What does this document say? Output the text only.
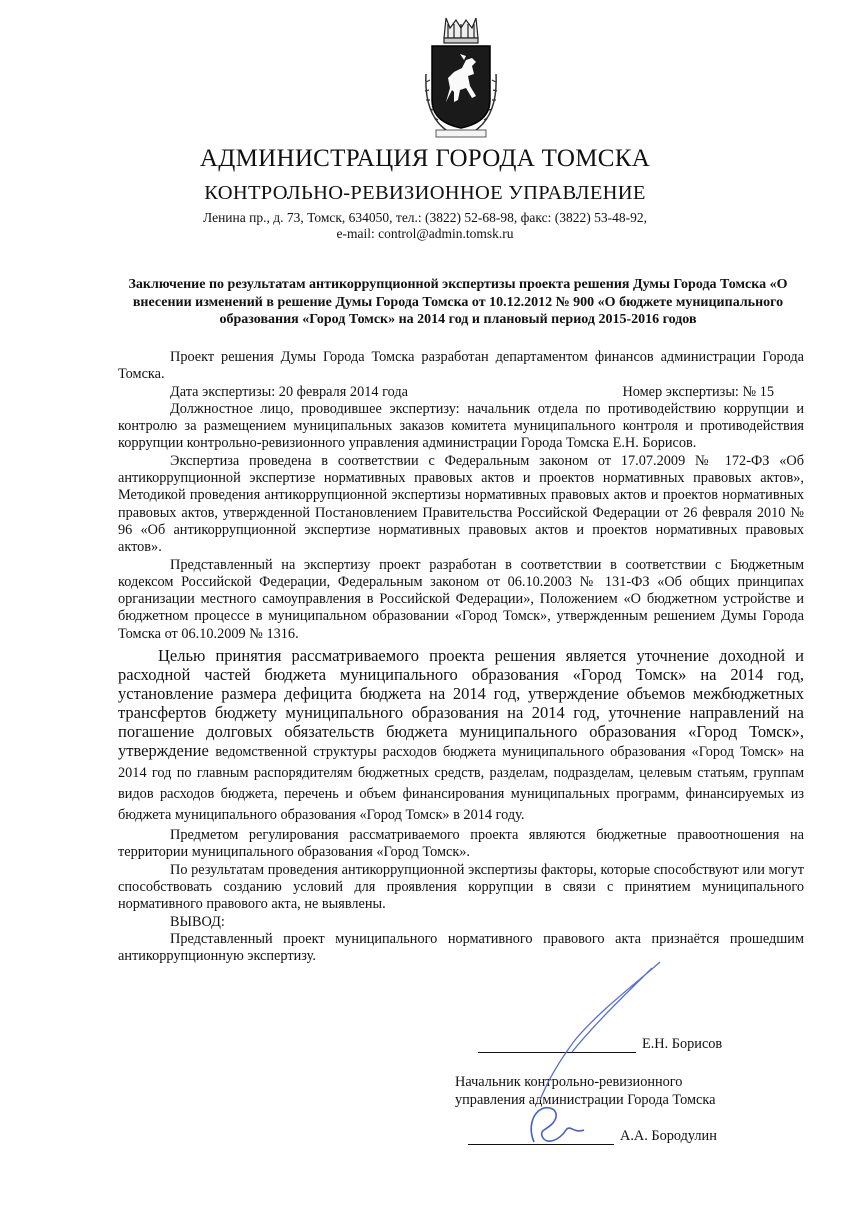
АДМИНИСТРАЦИЯ ГОРОДА ТОМСКА
КОНТРОЛЬНО-РЕВИЗИОННОЕ УПРАВЛЕНИЕ
Ленина пр., д. 73, Томск, 634050, тел.: (3822) 52-68-98, факс: (3822) 53-48-92,
e-mail: control@admin.tomsk.ru
Заключение по результатам антикоррупционной экспертизы проекта решения Думы Города Томска «О внесении изменений в решение Думы Города Томска от 10.12.2012 № 900 «О бюджете муниципального образования «Город Томск» на 2014 год и плановый период 2015-2016 годов

Проект решения Думы Города Томска разработан департаментом финансов администрации Города Томска.

Дата экспертизы: 20 февраля 2014 года	Номер экспертизы: № 15

Должностное лицо, проводившее экспертизу: начальник отдела по противодействию коррупции и контролю за размещением муниципальных заказов комитета муниципального контроля и противодействия коррупции контрольно-ревизионного управления администрации Города Томска Е.Н. Борисов.

Экспертиза проведена в соответствии с Федеральным законом от 17.07.2009 № 172-ФЗ «Об антикоррупционной экспертизе нормативных правовых актов и проектов нормативных правовых актов», Методикой проведения антикоррупционной экспертизы нормативных правовых актов и проектов нормативных правовых актов, утвержденной Постановлением Правительства Российской Федерации от 26 февраля 2010 № 96 «Об антикоррупционной экспертизе нормативных правовых актов и проектов нормативных правовых актов».

Представленный на экспертизу проект разработан в соответствии в соответствии с Бюджетным кодексом Российской Федерации, Федеральным законом от 06.10.2003 № 131-ФЗ «Об общих принципах организации местного самоуправления в Российской Федерации», Положением «О бюджетном устройстве и бюджетном процессе в муниципальном образовании «Город Томск», утвержденным решением Думы Города Томска от 06.10.2009 № 1316.

Целью принятия рассматриваемого проекта решения является уточнение доходной и расходной частей бюджета муниципального образования «Город Томск» на 2014 год, установление размера дефицита бюджета на 2014 год, утверждение объемов межбюджетных трансфертов бюджету муниципального образования на 2014 год, уточнение направлений на погашение долговых обязательств бюджета муниципального образования «Город Томск», утверждение ведомственной структуры расходов бюджета муниципального образования «Город Томск» на 2014 год по главным распорядителям бюджетных средств, разделам, подразделам, целевым статьям, группам видов расходов бюджета, перечень и объем финансирования муниципальных программ, финансируемых из бюджета муниципального образования «Город Томск» в 2014 году.

Предметом регулирования рассматриваемого проекта являются бюджетные правоотношения на территории муниципального образования «Город Томск».

По результатам проведения антикоррупционной экспертизы факторы, которые способствуют или могут способствовать созданию условий для проявления коррупции в связи с принятием муниципального нормативного правового акта, не выявлены.

ВЫВОД:

Представленный проект муниципального нормативного правового акта признаётся прошедшим антикоррупционную экспертизу.

Е.Н. Борисов
Начальник контрольно-ревизионного
управления администрации Города Томска
А.А. Бородулин
